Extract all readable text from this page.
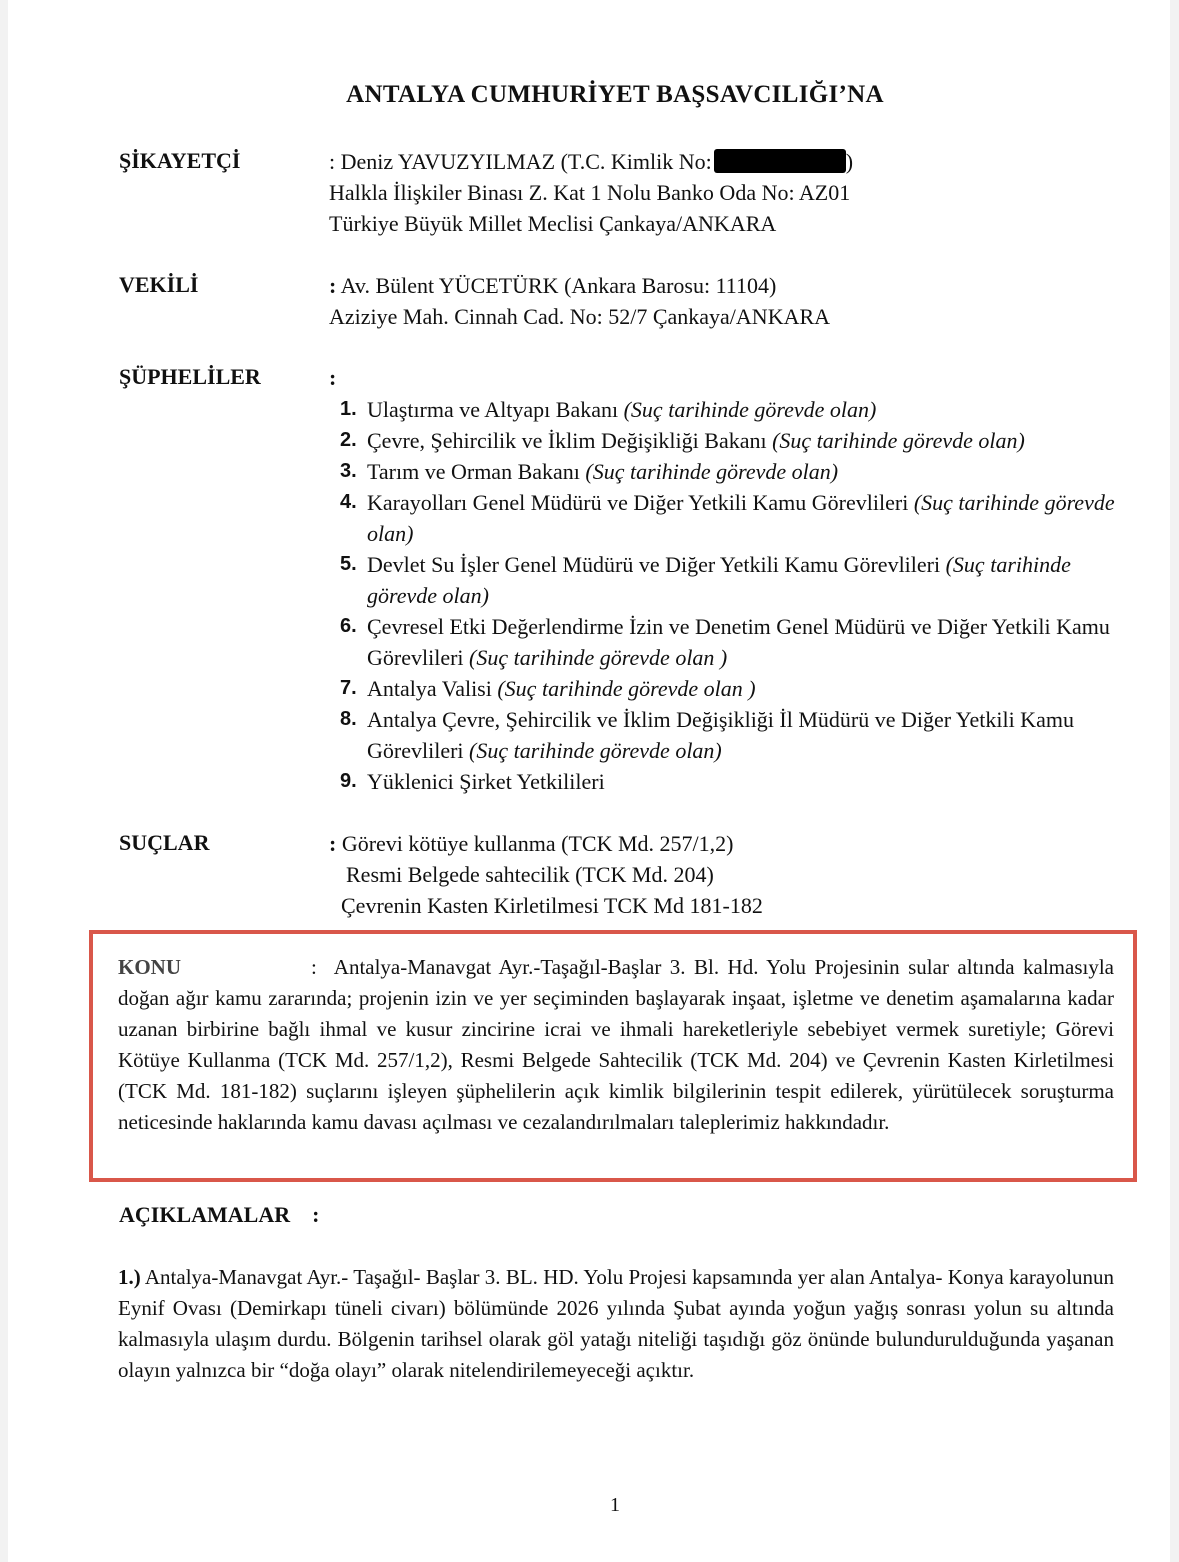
ANTALYA CUMHURİYET BAŞSAVCILIĞI’NA
ŞİKAYETÇİ	: Deniz YAVUZYILMAZ (T.C. Kimlik No:	)
Halkla İlişkiler Binası Z. Kat 1 Nolu Banko Oda No: AZ01
Türkiye Büyük Millet Meclisi Çankaya/ANKARA
VEKİLİ	: Av. Bülent YÜCETÜRK (Ankara Barosu: 11104)
Aziziye Mah. Cinnah Cad. No: 52/7 Çankaya/ANKARA
ŞÜPHELİLER	:
1. Ulaştırma ve Altyapı Bakanı (Suç tarihinde görevde olan)
2. Çevre, Şehircilik ve İklim Değişikliği Bakanı (Suç tarihinde görevde olan)
3. Tarım ve Orman Bakanı (Suç tarihinde görevde olan)
4. Karayolları Genel Müdürü ve Diğer Yetkili Kamu Görevlileri (Suç tarihinde görevde olan)
5. Devlet Su İşler Genel Müdürü ve Diğer Yetkili Kamu Görevlileri (Suç tarihinde görevde olan)
6. Çevresel Etki Değerlendirme İzin ve Denetim Genel Müdürü ve Diğer Yetkili Kamu Görevlileri (Suç tarihinde görevde olan )
7. Antalya Valisi (Suç tarihinde görevde olan )
8. Antalya Çevre, Şehircilik ve İklim Değişikliği İl Müdürü ve Diğer Yetkili Kamu Görevlileri (Suç tarihinde görevde olan)
9. Yüklenici Şirket Yetkilileri
SUÇLAR	: Görevi kötüye kullanma (TCK Md. 257/1,2)
Resmi Belgede sahtecilik (TCK Md. 204)
Çevrenin Kasten Kirletilmesi TCK Md 181-182
KONU	: Antalya-Manavgat Ayr.-Taşağıl-Başlar 3. Bl. Hd. Yolu Projesinin sular altında kalmasıyla doğan ağır kamu zararında; projenin izin ve yer seçiminden başlayarak inşaat, işletme ve denetim aşamalarına kadar uzanan birbirine bağlı ihmal ve kusur zincirine icrai ve ihmali hareketleriyle sebebiyet vermek suretiyle; Görevi Kötüye Kullanma (TCK Md. 257/1,2), Resmi Belgede Sahtecilik (TCK Md. 204) ve Çevrenin Kasten Kirletilmesi (TCK Md. 181-182) suçlarını işleyen şüphelilerin açık kimlik bilgilerinin tespit edilerek, yürütülecek soruşturma neticesinde haklarında kamu davası açılması ve cezalandırılmaları taleplerimiz hakkındadır.
AÇIKLAMALAR :
1.) Antalya-Manavgat Ayr.- Taşağıl- Başlar 3. BL. HD. Yolu Projesi kapsamında yer alan Antalya- Konya karayolunun Eynif Ovası (Demirkapı tüneli civarı) bölümünde 2026 yılında Şubat ayında yoğun yağış sonrası yolun su altında kalmasıyla ulaşım durdu. Bölgenin tarihsel olarak göl yatağı niteliği taşıdığı göz önünde bulundurulduğunda yaşanan olayın yalnızca bir “doğa olayı” olarak nitelendirilemeyeceği açıktır.
1
